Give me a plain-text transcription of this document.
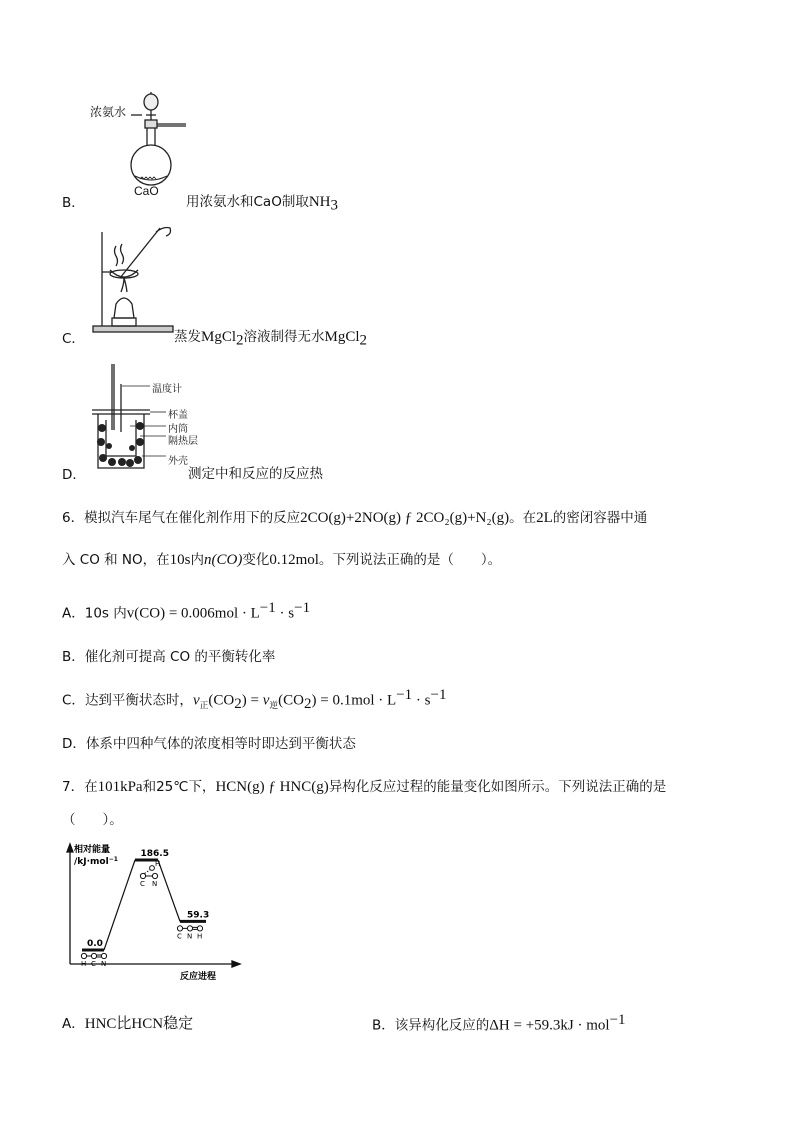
浓氨水
B．
CaO
用浓氨水和CaO制取$NH_3$
C．	蒸发MgCl$_2$溶液制得无水MgCl$_2$
温度计
杯盖
内筒
隔热层
外壳
D．	测定中和反应的反应热
6．模拟汽车尾气在催化剂作用下的反应2CO(g)+2NO(g) ƒ 2CO₂(g)+N₂(g)。在2L的密闭容器中通
入 CO 和 NO，在10s内n(CO)变化0.12mol。下列说法正确的是（　　）。
A．10s 内$v(CO) = 0.006mol \cdot L^{-1} \cdot s^{-1}$
B．催化剂可提高 CO 的平衡转化率
C．达到平衡状态时，$v_正(CO_2) = v_逆(CO_2) = 0.1mol \cdot L^{-1} \cdot s^{-1}$
D．体系中四种气体的浓度相等时即达到平衡状态
7．在101kPa和25℃下，HCN(g) ƒ HNC(g)异构化反应过程的能量变化如图所示。下列说法正确的是
（　　）。
0.0
186.5
59.3
H C N
C N H
H
C N
相对能量
/kJ·mol$^{-1}$
反应进程
A．HNC比HCN稳定	B．该异构化反应的ΔH = +59.3kJ · mol$^{-1}$
